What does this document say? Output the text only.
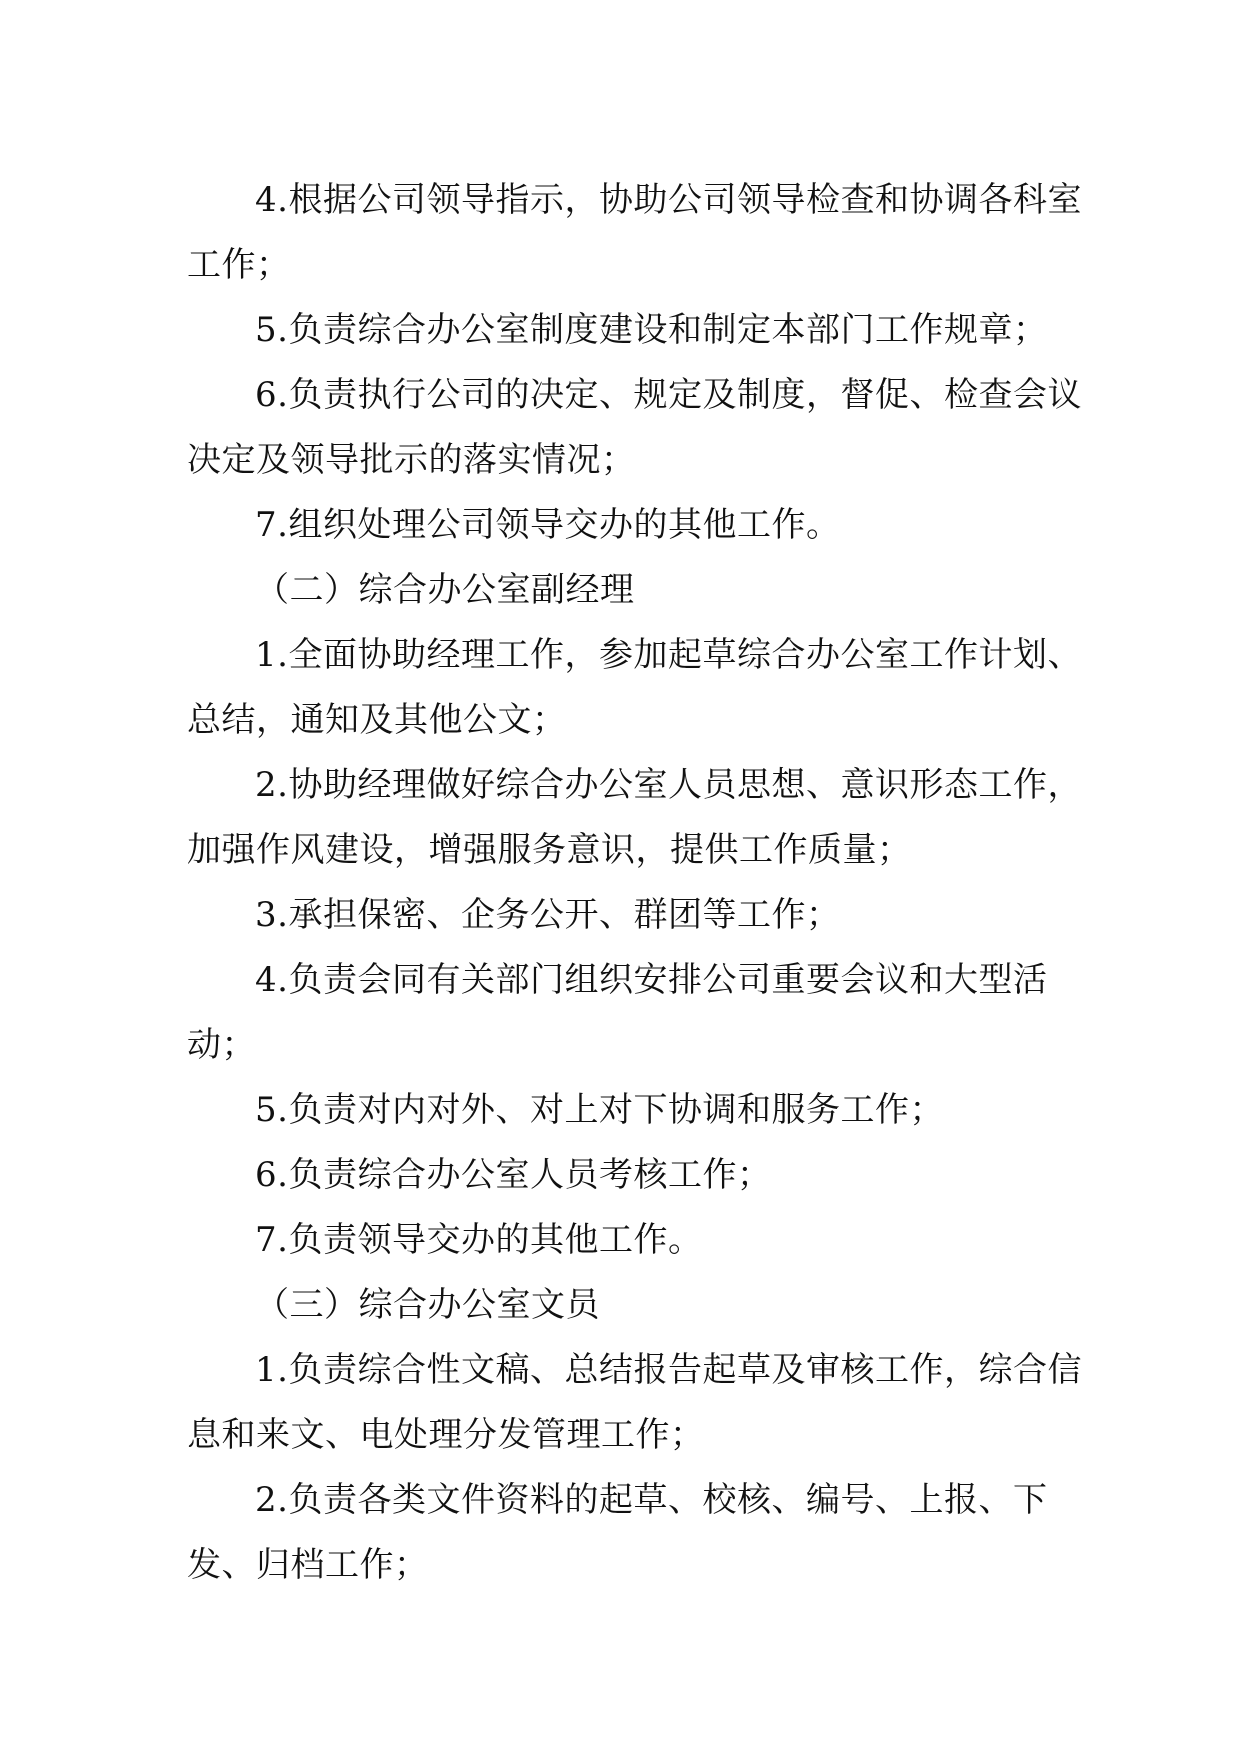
4.根据公司领导指示，协助公司领导检查和协调各科室工作；

5.负责综合办公室制度建设和制定本部门工作规章；

6.负责执行公司的决定、规定及制度，督促、检查会议决定及领导批示的落实情况；

7.组织处理公司领导交办的其他工作。

（二）综合办公室副经理

1.全面协助经理工作，参加起草综合办公室工作计划、总结，通知及其他公文；

2.协助经理做好综合办公室人员思想、意识形态工作，加强作风建设，增强服务意识，提供工作质量；

3.承担保密、企务公开、群团等工作；

4.负责会同有关部门组织安排公司重要会议和大型活动；

5.负责对内对外、对上对下协调和服务工作；

6.负责综合办公室人员考核工作；

7.负责领导交办的其他工作。

（三）综合办公室文员

1.负责综合性文稿、总结报告起草及审核工作，综合信息和来文、电处理分发管理工作；

2.负责各类文件资料的起草、校核、编号、上报、下发、归档工作；
